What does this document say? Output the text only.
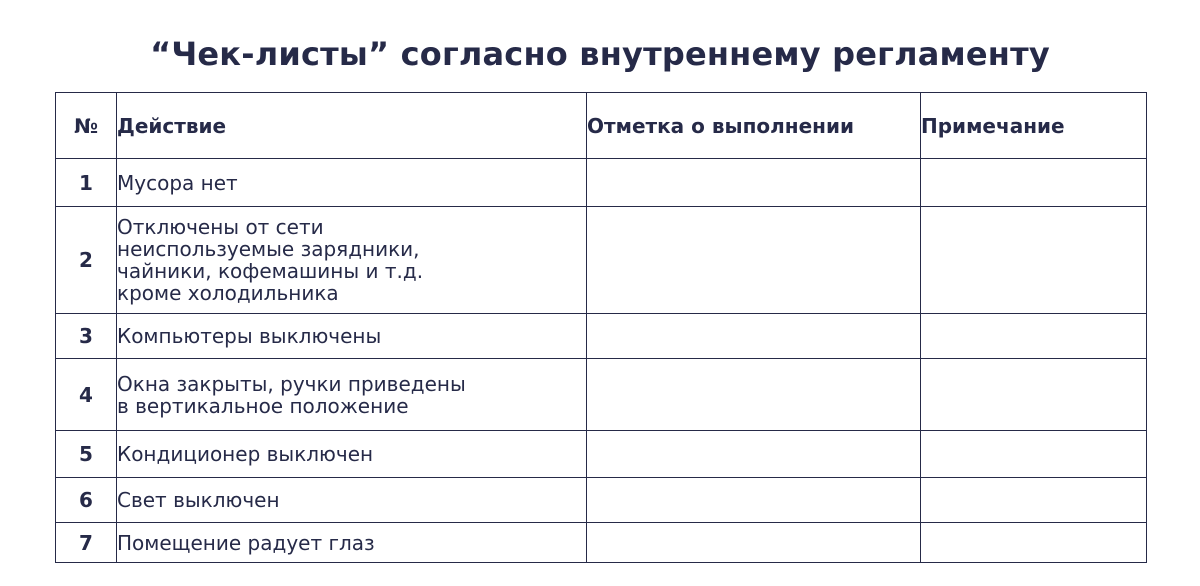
“Чек-листы” согласно внутреннему регламенту
№	Действие	Отметка о выполнении	Примечание
1	Мусора нет		
2	Отключены от сети
неиспользуемые зарядники,
чайники, кофемашины и т.д.
кроме холодильника		
3	Компьютеры выключены		
4	Окна закрыты, ручки приведены
в вертикальное положение		
5	Кондиционер выключен		
6	Свет выключен		
7	Помещение радует глаз		
